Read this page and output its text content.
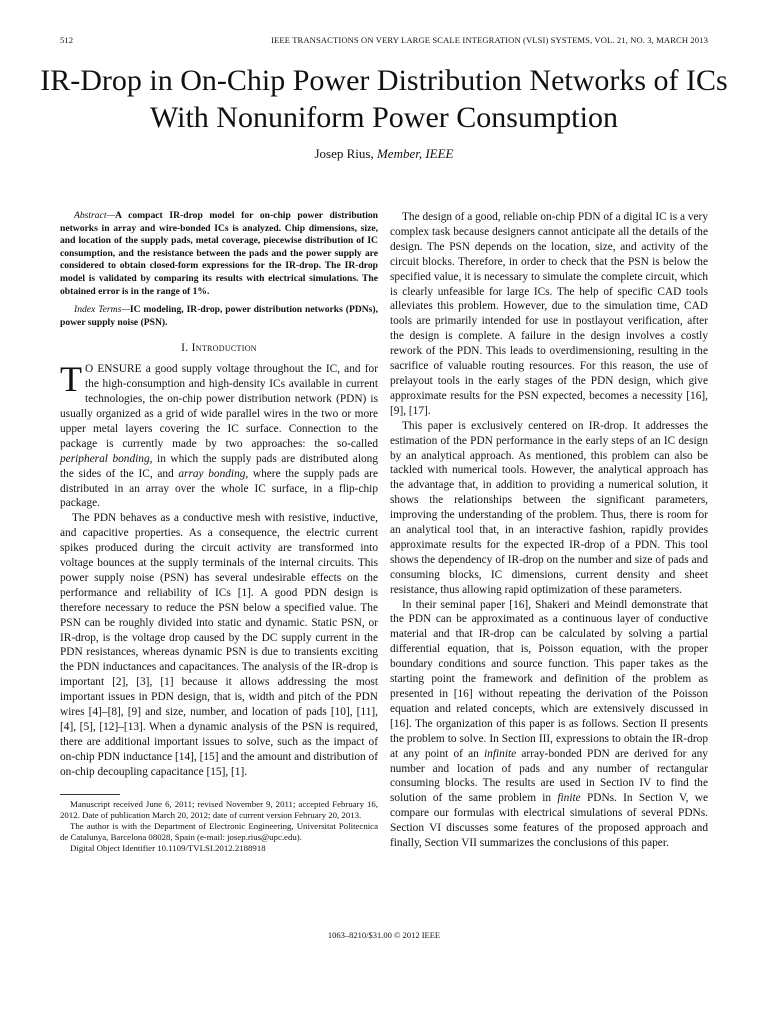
512	IEEE TRANSACTIONS ON VERY LARGE SCALE INTEGRATION (VLSI) SYSTEMS, VOL. 21, NO. 3, MARCH 2013
IR-Drop in On-Chip Power Distribution Networks of ICs With Nonuniform Power Consumption
Josep Rius, Member, IEEE

Abstract—A compact IR-drop model for on-chip power distribution networks in array and wire-bonded ICs is analyzed. Chip dimensions, size, and location of the supply pads, metal coverage, piecewise distribution of IC consumption, and the resistance between the pads and the power supply are considered to obtain closed-form expressions for the IR-drop. The IR-drop model is validated by comparing its results with electrical simulations. The obtained error is in the range of 1%.

Index Terms—IC modeling, IR-drop, power distribution networks (PDNs), power supply noise (PSN).

I. Introduction

T O ENSURE a good supply voltage throughout the IC, and for the high-consumption and high-density ICs available in current technologies, the on-chip power distribution network (PDN) is usually organized as a grid of wide parallel wires in the two or more upper metal layers covering the IC surface. Connection to the package is currently made by two approaches: the so-called peripheral bonding, in which the supply pads are distributed along the sides of the IC, and array bonding, where the supply pads are distributed in an array over the whole IC surface, in a flip-chip package.

The PDN behaves as a conductive mesh with resistive, inductive, and capacitive properties. As a consequence, the electric current spikes produced during the circuit activity are transformed into voltage bounces at the supply terminals of the internal circuits. This power supply noise (PSN) has several undesirable effects on the performance and reliability of ICs [1]. A good PDN design is therefore necessary to reduce the PSN below a specified value. The PSN can be roughly divided into static and dynamic. Static PSN, or IR-drop, is the voltage drop caused by the DC supply current in the PDN resistances, whereas dynamic PSN is due to transients exciting the PDN inductances and capacitances. The analysis of the IR-drop is important [2], [3], [1] because it allows addressing the most important issues in PDN design, that is, width and pitch of the PDN wires [4]–[8], [9] and size, number, and location of pads [10], [11], [4], [5], [12]–[13]. When a dynamic analysis of the PSN is required, there are additional important issues to solve, such as the impact of on-chip PDN inductance [14], [15] and the amount and distribution of on-chip decoupling capacitance [15], [1].

Manuscript received June 6, 2011; revised November 9, 2011; accepted February 16, 2012. Date of publication March 20, 2012; date of current version February 20, 2013.

The author is with the Department of Electronic Engineering, Universitat Politecnica de Catalunya, Barcelona 08028, Spain (e-mail: josep.rius@upc.edu).

Digital Object Identifier 10.1109/TVLSI.2012.2188918

The design of a good, reliable on-chip PDN of a digital IC is a very complex task because designers cannot anticipate all the details of the design. The PSN depends on the location, size, and activity of the circuit blocks. Therefore, in order to check that the PSN is below the specified value, it is necessary to simulate the complete circuit, which is clearly unfeasible for large ICs. The help of specific CAD tools alleviates this problem. However, due to the simulation time, CAD tools are primarily intended for use in postlayout verification, after the design is complete. A failure in the design involves a costly rework of the PDN. This leads to overdimensioning, resulting in the sacrifice of valuable routing resources. For this reason, the use of prelayout tools in the early stages of the PDN design, which give approximate results for the PSN expected, becomes a necessity [16], [9], [17].

This paper is exclusively centered on IR-drop. It addresses the estimation of the PDN performance in the early steps of an IC design by an analytical approach. As mentioned, this problem can also be tackled with numerical tools. However, the analytical approach has the advantage that, in addition to providing a numerical solution, it shows the relationships between the significant parameters, improving the understanding of the problem. Thus, there is room for an analytical tool that, in an interactive fashion, rapidly provides approximate results for the expected IR-drop of a PDN. This tool shows the dependency of IR-drop on the number and size of pads and consuming blocks, IC dimensions, current density and sheet resistance, thus allowing rapid optimization of these parameters.

In their seminal paper [16], Shakeri and Meindl demonstrate that the PDN can be approximated as a continuous layer of conductive material and that IR-drop can be calculated by solving a partial differential equation, that is, Poisson equation, with the proper boundary conditions and source function. This paper takes as the starting point the framework and definition of the problem as presented in [16] without repeating the derivation of the Poisson equation and related concepts, which are extensively discussed in [16]. The organization of this paper is as follows. Section II presents the problem to solve. In Section III, expressions to obtain the IR-drop at any point of an infinite array-bonded PDN are derived for any number and location of pads and any number of rectangular consuming blocks. The results are used in Section IV to find the solution of the same problem in finite PDNs. In Section V, we compare our formulas with electrical simulations of several PDNs. Section VI discusses some features of the proposed approach and finally, Section VII summarizes the conclusions of this paper.

1063–8210/$31.00 © 2012 IEEE
